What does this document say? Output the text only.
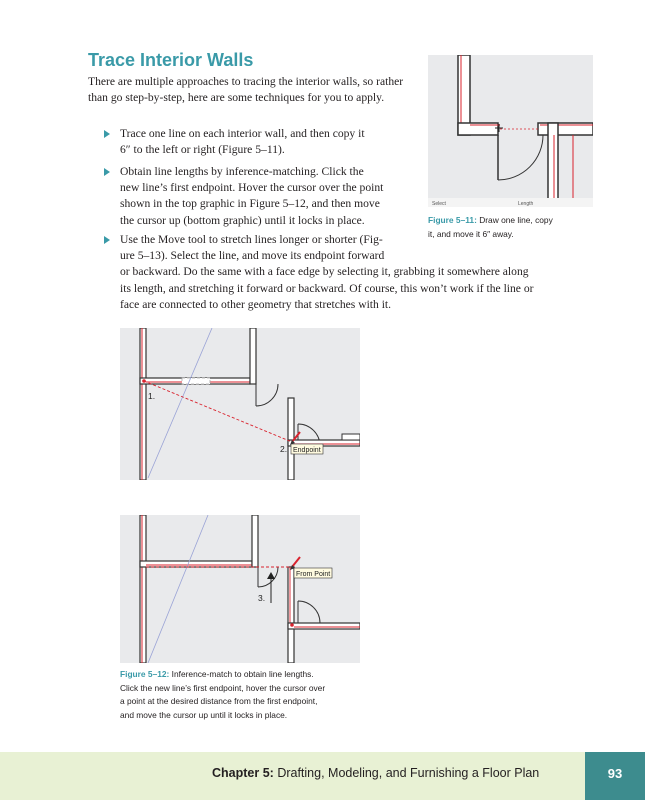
Trace Interior Walls
There are multiple approaches to tracing the interior walls, so rather than go step-by-step, here are some techniques for you to apply.
Trace one line on each interior wall, and then copy it
6″ to the left or right (Figure 5–11).
Obtain line lengths by inference-matching. Click the
new line’s first endpoint. Hover the cursor over the point
shown in the top graphic in Figure 5–12, and then move
the cursor up (bottom graphic) until it locks in place.
Use the Move tool to stretch lines longer or shorter (Fig-
ure 5–13). Select the line, and move its endpoint forward
or backward. Do the same with a face edge by selecting it, grabbing it somewhere along
its length, and stretching it forward or backward. Of course, this won’t work if the line or
face are connected to other geometry that stretches with it.
Select	Length
Figure 5–11: Draw one line, copy
it, and move it 6″ away.
1.
2. Endpoint
3.
From Point
Figure 5–12: Inference-match to obtain line lengths.
Click the new line’s first endpoint, hover the cursor over
a point at the desired distance from the first endpoint,
and move the cursor up until it locks in place.
Chapter 5: Drafting, Modeling, and Furnishing a Floor Plan	93
